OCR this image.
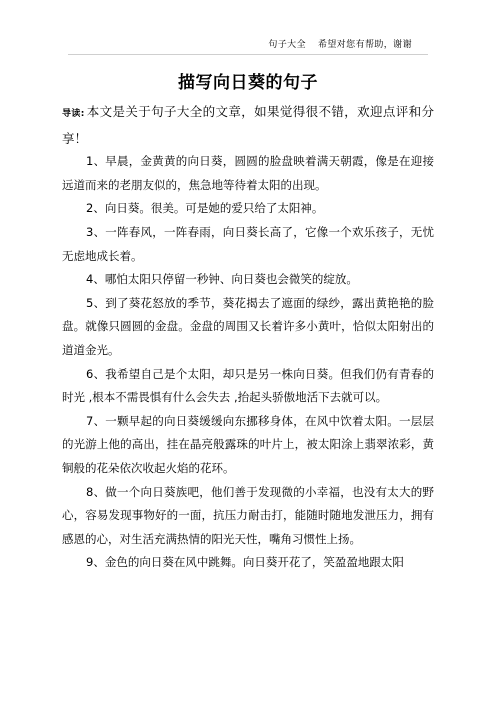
句子大全 希望对您有帮助，谢谢
描写向日葵的句子

导读: 本文是关于句子大全的文章，如果觉得很不错，欢迎点评和分享！

1、早晨，金黄黄的向日葵，圆圆的脸盘映着满天朝霞，像是在迎接远道而来的老朋友似的，焦急地等待着太阳的出现。

2、向日葵。很美。可是她的爱只给了太阳神。

3、一阵春风，一阵春雨，向日葵长高了，它像一个欢乐孩子，无忧无虑地成长着。

4、哪怕太阳只停留一秒钟、向日葵也会微笑的绽放。

5、到了葵花怒放的季节，葵花揭去了遮面的绿纱，露出黄艳艳的脸盘。就像只圆圆的金盘。金盘的周围又长着许多小黄叶，恰似太阳射出的道道金光。

6、我希望自己是个太阳，却只是另一株向日葵。但我们仍有青春的时光 ,根本不需畏惧有什么会失去 ,抬起头骄傲地活下去就可以。

7、一颗早起的向日葵缓缓向东挪移身体，在风中饮着太阳。一层层的光游上他的高出，挂在晶亮般露珠的叶片上，被太阳涂上翡翠浓彩，黄铜般的花朵依次收起火焰的花环。

8、做一个向日葵族吧，他们善于发现微的小幸福，也没有太大的野心，容易发现事物好的一面，抗压力耐击打，能随时随地发泄压力，拥有感恩的心，对生活充满热情的阳光天性，嘴角习惯性上扬。

9、金色的向日葵在风中跳舞。向日葵开花了，笑盈盈地跟太阳
